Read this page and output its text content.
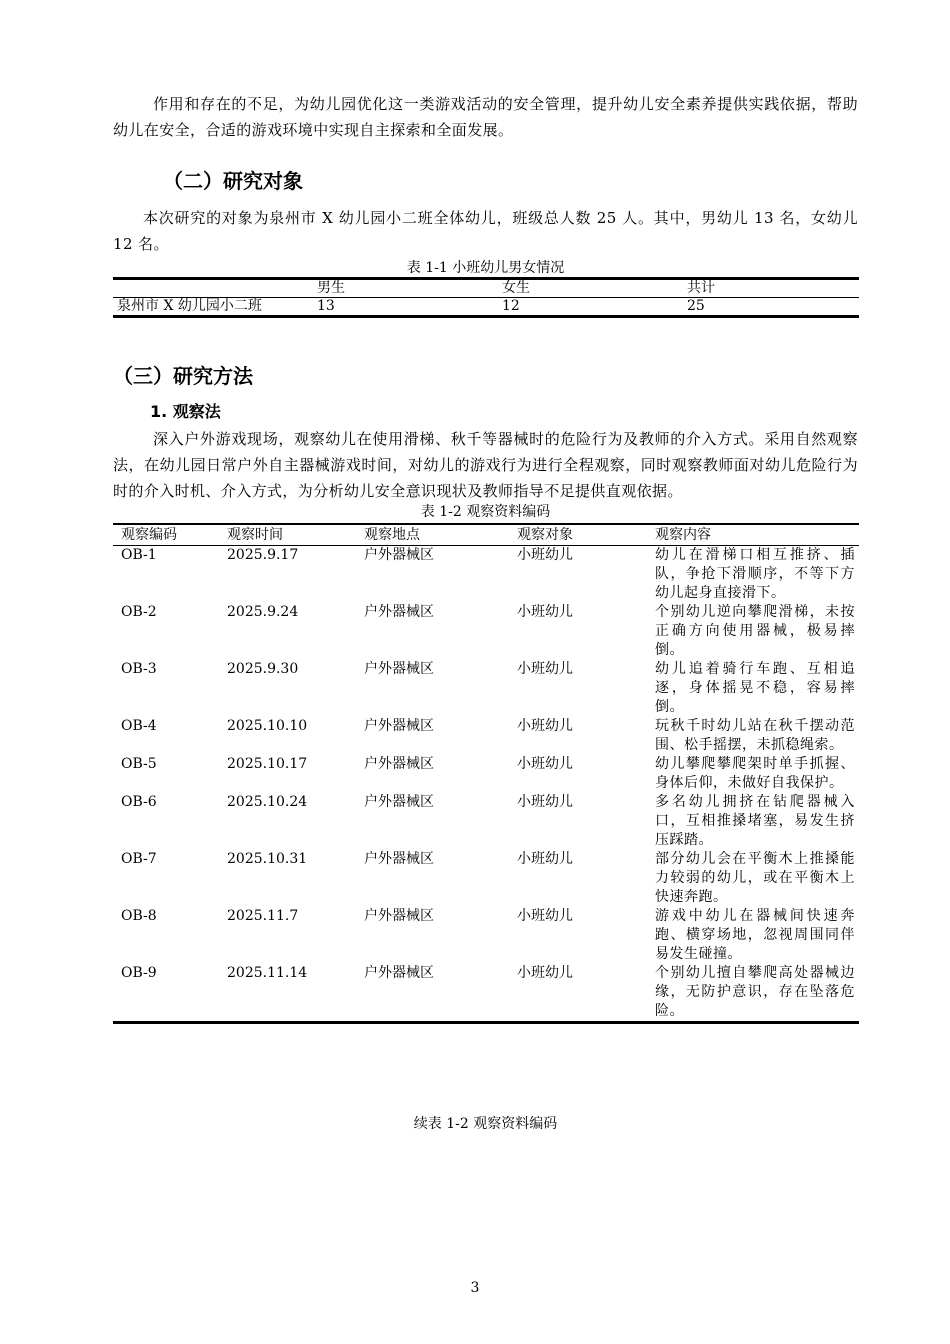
作用和存在的不足，为幼儿园优化这一类游戏活动的安全管理，提升幼儿安全素养提供实践依据，帮助幼儿在安全，合适的游戏环境中实现自主探索和全面发展。
（二）研究对象
本次研究的对象为泉州市 X 幼儿园小二班全体幼儿，班级总人数 25 人。其中，男幼儿 13 名，女幼儿 12 名。
表 1-1 小班幼儿男女情况
	男生	女生	共计
泉州市 X 幼儿园小二班	13	12	25
（三）研究方法
1. 观察法
深入户外游戏现场，观察幼儿在使用滑梯、秋千等器械时的危险行为及教师的介入方式。采用自然观察法，在幼儿园日常户外自主器械游戏时间，对幼儿的游戏行为进行全程观察，同时观察教师面对幼儿危险行为时的介入时机、介入方式，为分析幼儿安全意识现状及教师指导不足提供直观依据。
表 1-2 观察资料编码
观察编码	观察时间	观察地点	观察对象	观察内容
OB-1	2025.9.17	户外器械区	小班幼儿	幼儿在滑梯口相互推挤、插队，争抢下滑顺序，不等下方幼儿起身直接滑下。
OB-2	2025.9.24	户外器械区	小班幼儿	个别幼儿逆向攀爬滑梯，未按正确方向使用器械，极易摔倒。
OB-3	2025.9.30	户外器械区	小班幼儿	幼儿追着骑行车跑、互相追逐，身体摇晃不稳，容易摔倒。
OB-4	2025.10.10	户外器械区	小班幼儿	玩秋千时幼儿站在秋千摆动范围、松手摇摆，未抓稳绳索。
OB-5	2025.10.17	户外器械区	小班幼儿	幼儿攀爬攀爬架时单手抓握、身体后仰，未做好自我保护。
OB-6	2025.10.24	户外器械区	小班幼儿	多名幼儿拥挤在钻爬器械入口，互相推搡堵塞，易发生挤压踩踏。
OB-7	2025.10.31	户外器械区	小班幼儿	部分幼儿会在平衡木上推搡能力较弱的幼儿，或在平衡木上快速奔跑。
OB-8	2025.11.7	户外器械区	小班幼儿	游戏中幼儿在器械间快速奔跑、横穿场地，忽视周围同伴易发生碰撞。
OB-9	2025.11.14	户外器械区	小班幼儿	个别幼儿擅自攀爬高处器械边缘，无防护意识，存在坠落危险。
续表 1-2 观察资料编码
3
